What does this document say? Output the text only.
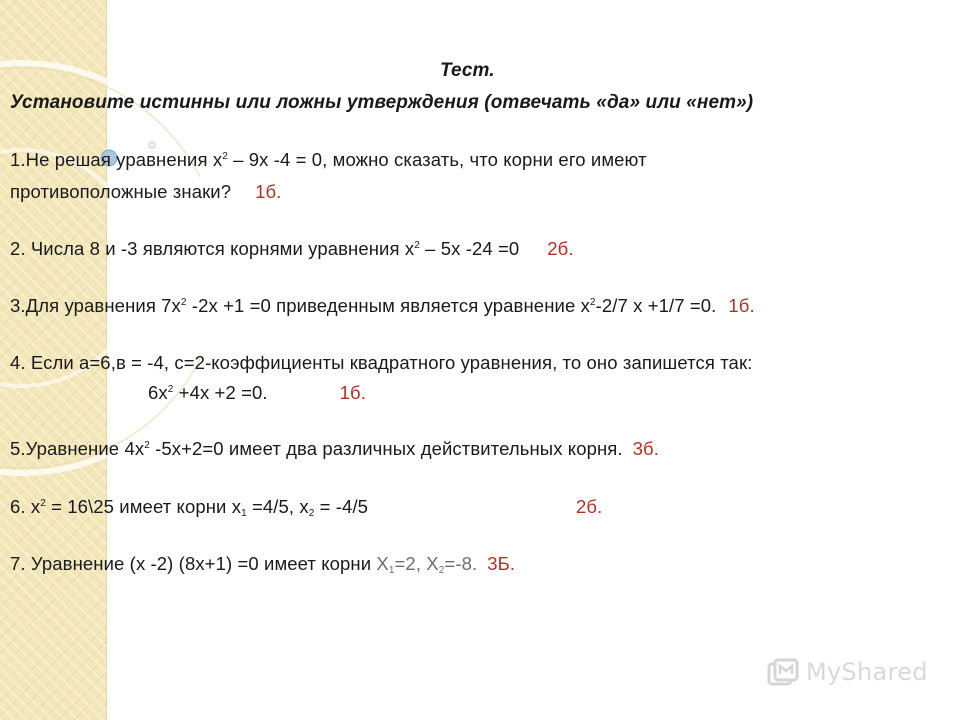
Тест.
Установите истинны или ложны утверждения (отвечать «да» или «нет»)
1.Не решая уравнения $x^2 - 9x$ -4 = 0, можно сказать, что корни его имеют
противоположные знаки? 1б.
2. Числа 8 и -3 являются корнями уравнения $x^2 - 5x$ -24 =0 2б.
3.Для уравнения $7x^2$ -2x +1 =0 приведенным является уравнение $x^2-2/7$ x +1/7 =0. 1б.
4. Если а=6,в = -4, с=2-коэффициенты квадратного уравнения, то оно запишется так:
$6x^2 +4x +2 =0$.	1б.
5.Уравнение $4x^2$ -5x+2=0 имеет два различных действительных корня. 3б.
6. $x^2$ = 16\25 имеет корни $x_1 =4/5$, $x_2 = -4/5$	2б.
7. Уравнение (x -2) (8x+1) =0 имеет корни $X_1=2$, $X_2=-8$. 3Б.
MyShared
